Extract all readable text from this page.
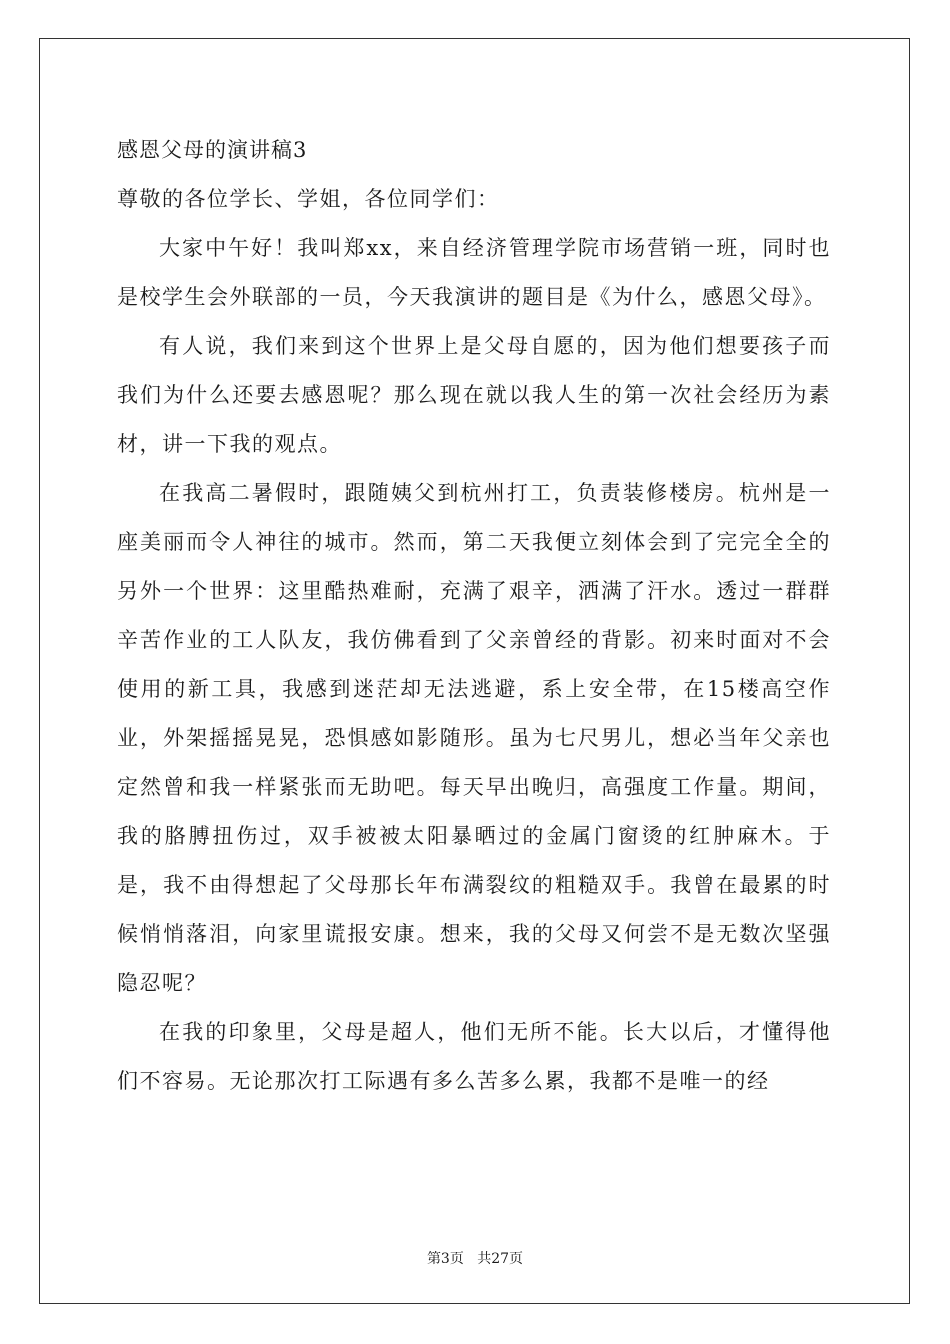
感恩父母的演讲稿3
尊敬的各位学长、学姐，各位同学们：

大家中午好！我叫郑xx，来自经济管理学院市场营销一班，同时也是校学生会外联部的一员，今天我演讲的题目是《为什么，感恩父母》。

有人说，我们来到这个世界上是父母自愿的，因为他们想要孩子而我们为什么还要去感恩呢？那么现在就以我人生的第一次社会经历为素材，讲一下我的观点。

在我高二暑假时，跟随姨父到杭州打工，负责装修楼房。杭州是一座美丽而令人神往的城市。然而，第二天我便立刻体会到了完完全全的另外一个世界：这里酷热难耐，充满了艰辛，洒满了汗水。透过一群群辛苦作业的工人队友，我仿佛看到了父亲曾经的背影。初来时面对不会使用的新工具，我感到迷茫却无法逃避，系上安全带，在15楼高空作业，外架摇摇晃晃，恐惧感如影随形。虽为七尺男儿，想必当年父亲也定然曾和我一样紧张而无助吧。每天早出晚归，高强度工作量。期间，我的胳膊扭伤过，双手被被太阳暴晒过的金属门窗烫的红肿麻木。于是，我不由得想起了父母那长年布满裂纹的粗糙双手。我曾在最累的时候悄悄落泪，向家里谎报安康。想来，我的父母又何尝不是无数次坚强隐忍呢？

在我的印象里，父母是超人，他们无所不能。长大以后，才懂得他们不容易。无论那次打工际遇有多么苦多么累，我都不是唯一的经

第3页 共27页
